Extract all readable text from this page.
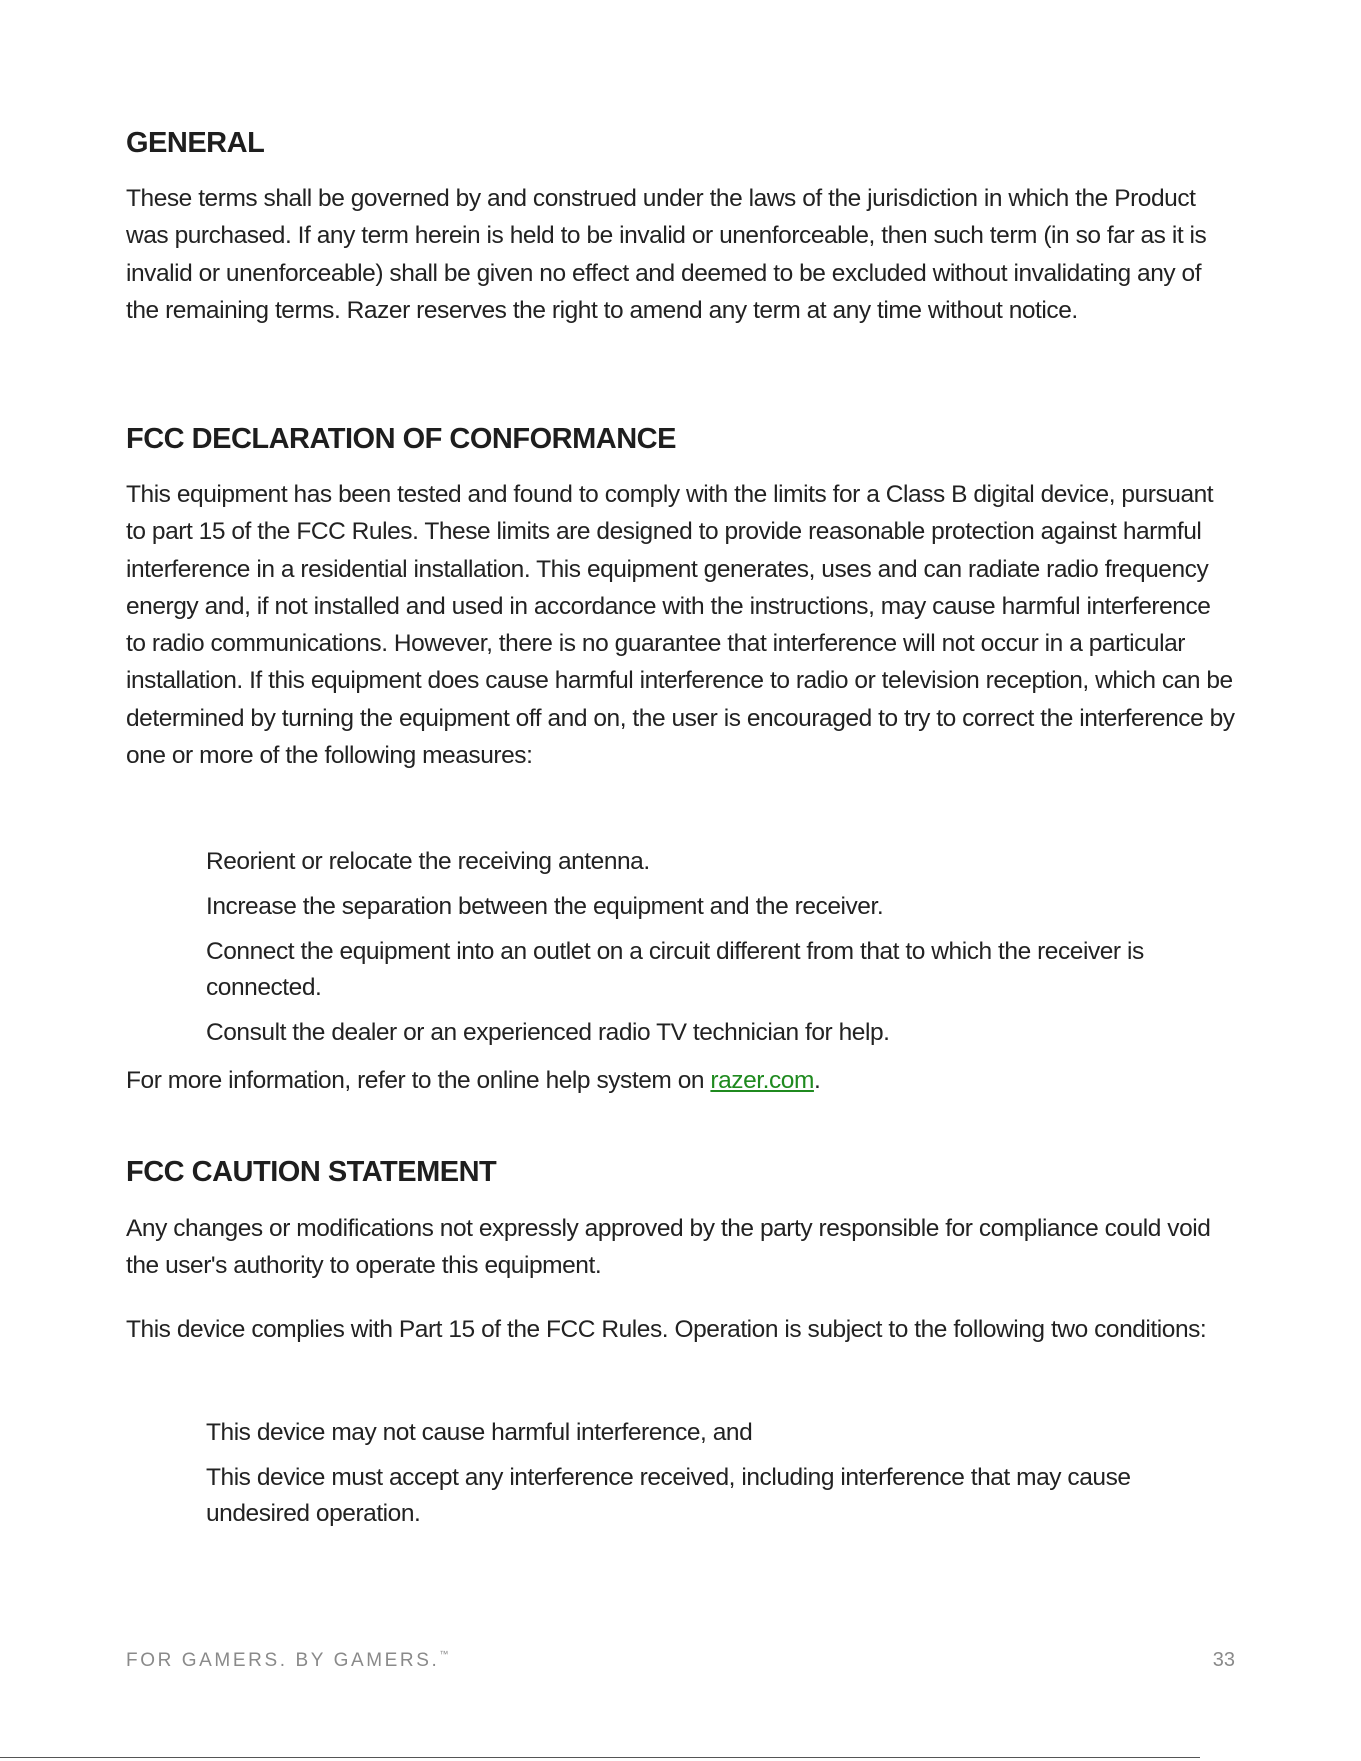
GENERAL

These terms shall be governed by and construed under the laws of the jurisdiction in which the Product was purchased. If any term herein is held to be invalid or unenforceable, then such term (in so far as it is invalid or unenforceable) shall be given no effect and deemed to be excluded without invalidating any of the remaining terms. Razer reserves the right to amend any term at any time without notice.

FCC DECLARATION OF CONFORMANCE

This equipment has been tested and found to comply with the limits for a Class B digital device, pursuant to part 15 of the FCC Rules. These limits are designed to provide reasonable protection against harmful interference in a residential installation. This equipment generates, uses and can radiate radio frequency energy and, if not installed and used in accordance with the instructions, may cause harmful interference to radio communications. However, there is no guarantee that interference will not occur in a particular installation. If this equipment does cause harmful interference to radio or television reception, which can be determined by turning the equipment off and on, the user is encouraged to try to correct the interference by one or more of the following measures:

Reorient or relocate the receiving antenna.
Increase the separation between the equipment and the receiver.
Connect the equipment into an outlet on a circuit different from that to which the receiver is connected.
Consult the dealer or an experienced radio TV technician for help.

For more information, refer to the online help system on razer.com.

FCC CAUTION STATEMENT

Any changes or modifications not expressly approved by the party responsible for compliance could void the user's authority to operate this equipment.

This device complies with Part 15 of the FCC Rules. Operation is subject to the following two conditions:

This device may not cause harmful interference, and
This device must accept any interference received, including interference that may cause undesired operation.
FOR GAMERS. BY GAMERS.™	33
